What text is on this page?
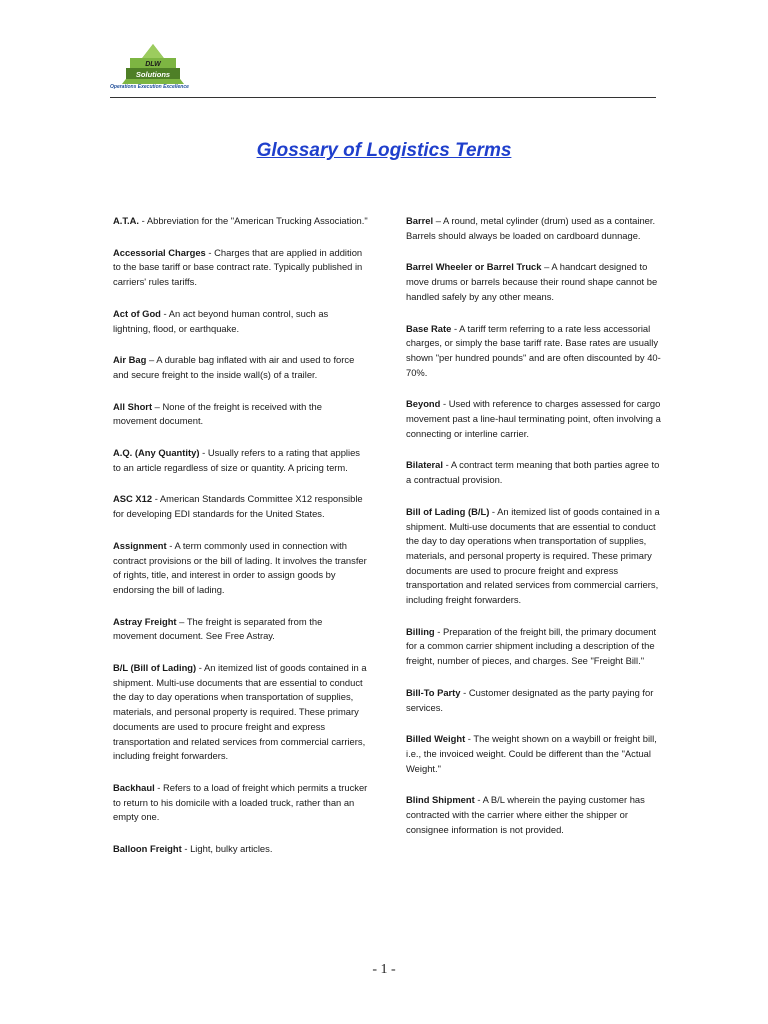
DLW
Solutions
Operations Execution Excellence
Glossary of Logistics Terms
A.T.A. - Abbreviation for the "American Trucking Association."
Accessorial Charges - Charges that are applied in addition to the base tariff or base contract rate. Typically published in carriers' rules tariffs.
Act of God - An act beyond human control, such as lightning, flood, or earthquake.
Air Bag – A durable bag inflated with air and used to force and secure freight to the inside wall(s) of a trailer.
All Short – None of the freight is received with the movement document.
A.Q. (Any Quantity) - Usually refers to a rating that applies to an article regardless of size or quantity. A pricing term.
ASC X12 - American Standards Committee X12 responsible for developing EDI standards for the United States.
Assignment - A term commonly used in connection with contract provisions or the bill of lading. It involves the transfer of rights, title, and interest in order to assign goods by endorsing the bill of lading.
Astray Freight – The freight is separated from the movement document. See Free Astray.
B/L (Bill of Lading) - An itemized list of goods contained in a shipment. Multi-use documents that are essential to conduct the day to day operations when transportation of supplies, materials, and personal property is required. These primary documents are used to procure freight and express transportation and related services from commercial carriers, including freight forwarders.
Backhaul - Refers to a load of freight which permits a trucker to return to his domicile with a loaded truck, rather than an empty one.
Balloon Freight - Light, bulky articles.
Barrel – A round, metal cylinder (drum) used as a container. Barrels should always be loaded on cardboard dunnage.
Barrel Wheeler or Barrel Truck – A handcart designed to move drums or barrels because their round shape cannot be handled safely by any other means.
Base Rate - A tariff term referring to a rate less accessorial charges, or simply the base tariff rate. Base rates are usually shown "per hundred pounds" and are often discounted by 40-70%.
Beyond - Used with reference to charges assessed for cargo movement past a line-haul terminating point, often involving a connecting or interline carrier.
Bilateral - A contract term meaning that both parties agree to a contractual provision.
Bill of Lading (B/L) - An itemized list of goods contained in a shipment. Multi-use documents that are essential to conduct the day to day operations when transportation of supplies, materials, and personal property is required. These primary documents are used to procure freight and express transportation and related services from commercial carriers, including freight forwarders.
Billing - Preparation of the freight bill, the primary document for a common carrier shipment including a description of the freight, number of pieces, and charges. See "Freight Bill."
Bill-To Party - Customer designated as the party paying for services.
Billed Weight - The weight shown on a waybill or freight bill, i.e., the invoiced weight. Could be different than the "Actual Weight."
Blind Shipment - A B/L wherein the paying customer has contracted with the carrier where either the shipper or consignee information is not provided.
- 1 -
